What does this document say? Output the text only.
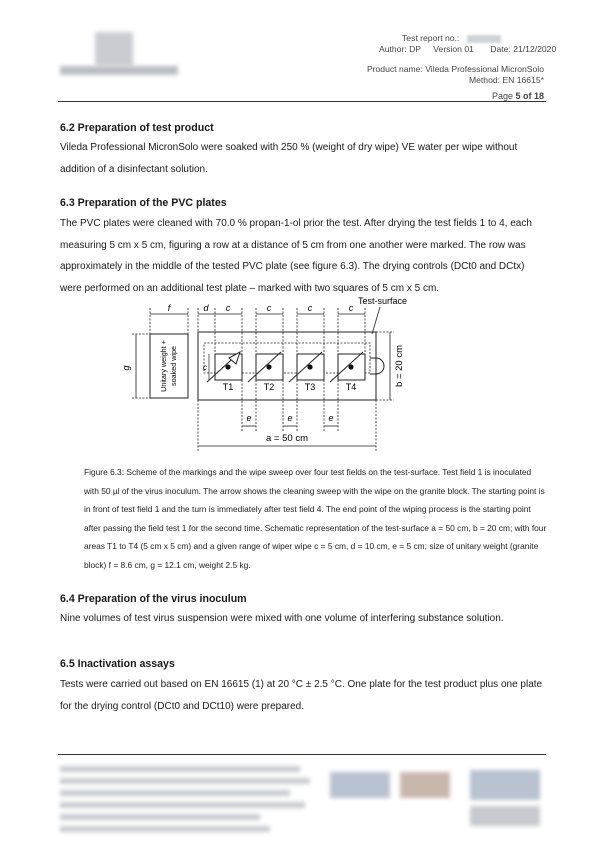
Test report no.:
Author: DP Version 01 Date: 21/12/2020
Product name: Vileda Professional MicronSolo
Method: EN 16615*
Page 5 of 18
6.2 Preparation of test product
Vileda Professional MicronSolo were soaked with 250 % (weight of dry wipe) VE water per wipe without addition of a disinfectant solution.
6.3 Preparation of the PVC plates
The PVC plates were cleaned with 70.0 % propan-1-ol prior the test. After drying the test fields 1 to 4, each measuring 5 cm x 5 cm, figuring a row at a distance of 5 cm from one another were marked. The row was approximately in the middle of the tested PVC plate (see figure 6.3). The drying controls (DCt0 and DCtx) were performed on an additional test plate – marked with two squares of 5 cm x 5 cm.
Unitary weight + soaked wipe
T1	T2	T3	T4
f	d c	c	c	c
Test-surface
g	c	b = 20 cm
e	e	e
a = 50 cm
Figure 6.3: Scheme of the markings and the wipe sweep over four test fields on the test-surface. Test field 1 is inoculated with 50 µl of the virus inoculum. The arrow shows the cleaning sweep with the wipe on the granite block. The starting point is in front of test field 1 and the turn is immediately after test field 4. The end point of the wiping process is the starting point after passing the field test 1 for the second time. Schematic representation of the test-surface a = 50 cm, b = 20 cm; with four areas T1 to T4 (5 cm x 5 cm) and a given range of wiper wipe c = 5 cm, d = 10 cm, e = 5 cm; size of unitary weight (granite block) f = 8.6 cm, g = 12.1 cm, weight 2.5 kg.
6.4 Preparation of the virus inoculum
Nine volumes of test virus suspension were mixed with one volume of interfering substance solution.
6.5 Inactivation assays
Tests were carried out based on EN 16615 (1) at 20 °C ± 2.5 °C. One plate for the test product plus one plate for the drying control (DCt0 and DCt10) were prepared.
